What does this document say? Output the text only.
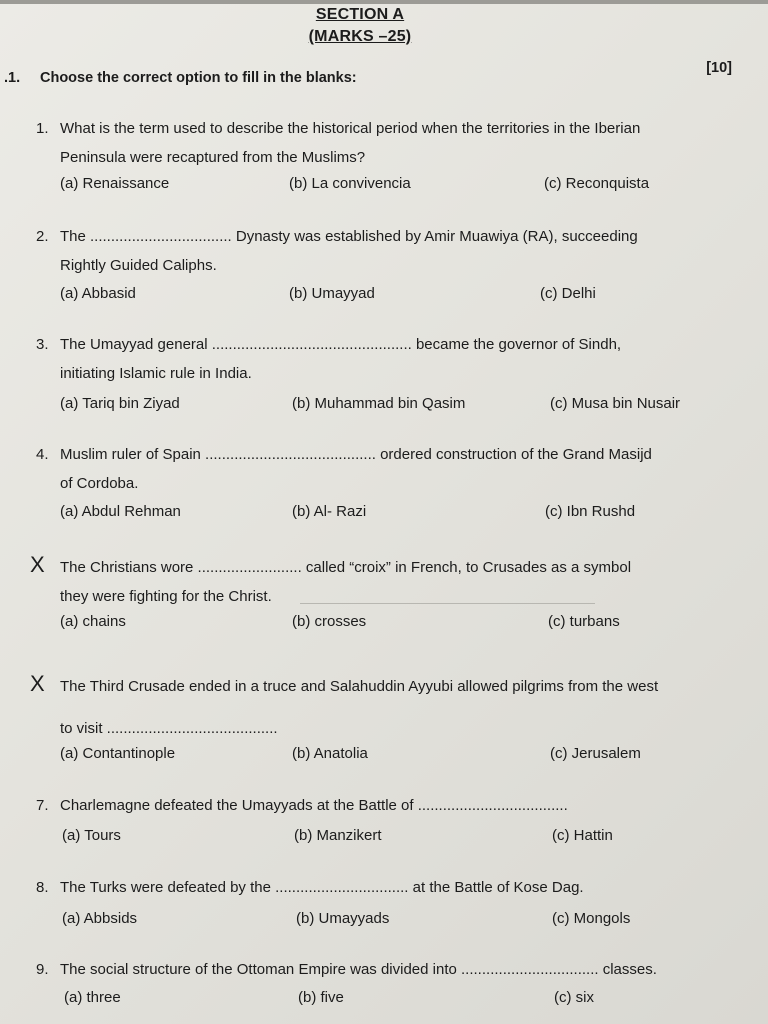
SECTION A
(MARKS –25)
.1. Choose the correct option to fill in the blanks:
[10]
1. What is the term used to describe the historical period when the territories in the Iberian
Peninsula were recaptured from the Muslims?
(a) Renaissance	(b) La convivencia	(c) Reconquista
2. The .................................. Dynasty was established by Amir Muawiya (RA), succeeding
Rightly Guided Caliphs.
(a) Abbasid	(b) Umayyad	(c) Delhi
3. The Umayyad general ................................................ became the governor of Sindh,
initiating Islamic rule in India.
(a) Tariq bin Ziyad	(b) Muhammad bin Qasim	(c) Musa bin Nusair
4. Muslim ruler of Spain ......................................... ordered construction of the Grand Masijd
of Cordoba.
(a) Abdul Rehman	(b) Al- Razi	(c) Ibn Rushd
X The Christians wore ......................... called “croix” in French, to Crusades as a symbol
they were fighting for the Christ.
(a) chains	(b) crosses	(c) turbans
X The Third Crusade ended in a truce and Salahuddin Ayyubi allowed pilgrims from the west
to visit .........................................
(a) Contantinople	(b) Anatolia	(c) Jerusalem
7. Charlemagne defeated the Umayyads at the Battle of ....................................
(a) Tours	(b) Manzikert	(c) Hattin
8. The Turks were defeated by the ................................ at the Battle of Kose Dag.
(a) Abbsids	(b) Umayyads	(c) Mongols
9. The social structure of the Ottoman Empire was divided into ................................. classes.
(a) three	(b) five	(c) six
